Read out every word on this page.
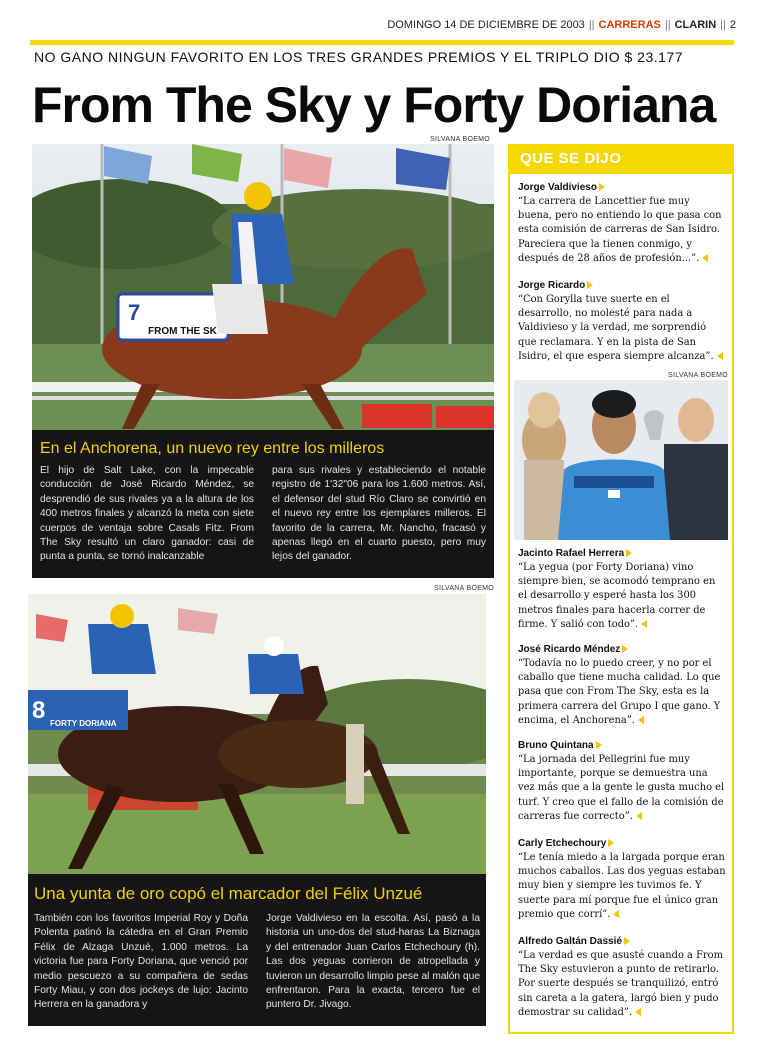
DOMINGO 14 DE DICIEMBRE DE 2003 || CARRERAS || CLARIN || 2
NO GANO NINGUN FAVORITO EN LOS TRES GRANDES PREMIOS Y EL TRIPLO DIO $ 23.177
From The Sky y Forty Doriana
SILVANA BOEMO
7
FROM THE SK
En el Anchorena, un nuevo rey entre los milleros

El hijo de Salt Lake, con la impecable conducción de José Ricardo Méndez, se desprendió de sus rivales ya a la altura de los 400 metros finales y alcanzó la meta con siete cuerpos de ventaja sobre Casals Fitz. From The Sky resultó un claro ganador: casi de punta a punta, se tornó inalcanzable

para sus rivales y estableciendo el notable registro de 1'32"06 para los 1.600 metros. Así, el defensor del stud Río Claro se convirtió en el nuevo rey entre los ejemplares milleros. El favorito de la carrera, Mr. Nancho, fracasó y apenas llegó en el cuarto puesto, pero muy lejos del ganador.

SILVANA BOEMO
8 FORTY DORIANA
Una yunta de oro copó el marcador del Félix Unzué

También con los favoritos Imperial Roy y Doña Polenta patinó la cátedra en el Gran Premio Félix de Alzaga Unzué, 1.000 metros. La victoria fue para Forty Doriana, que venció por medio pescuezo a su compañera de sedas Forty Miau, y con dos jockeys de lujo: Jacinto Herrera en la ganadora y

Jorge Valdivieso en la escolta. Así, pasó a la historia un uno-dos del stud-haras La Biznaga y del entrenador Juan Carlos Etchechoury (h). Las dos yeguas corrieron de atropellada y tuvieron un desarrollo limpio pese al malón que enfrentaron. Para la exacta, tercero fue el puntero Dr. Jivago.

QUE SE DIJO
Jorge Valdivieso
“La carrera de Lancettier fue muy buena, pero no entiendo lo que pasa con esta comisión de carreras de San Isidro. Pareciera que la tienen conmigo, y después de 28 años de profesión...”.
Jorge Ricardo
“Con Gorylla tuve suerte en el desarrollo, no molesté para nada a Valdivieso y la verdad, me sorprendió que reclamara. Y en la pista de San Isidro, el que espera siempre alcanza”.
SILVANA BOEMO
Jacinto Rafael Herrera
“La yegua (por Forty Doriana) vino siempre bien, se acomodó temprano en el desarrollo y esperé hasta los 300 metros finales para hacerla correr de firme. Y salió con todo”.
José Ricardo Méndez
“Todavía no lo puedo creer, y no por el caballo que tiene mucha calidad. Lo que pasa que con From The Sky, esta es la primera carrera del Grupo I que gano. Y encima, el Anchorena”.
Bruno Quintana
“La jornada del Pellegrini fue muy importante, porque se demuestra una vez más que a la gente le gusta mucho el turf. Y creo que el fallo de la comisión de carreras fue correcto”.
Carly Etchechoury
“Le tenía miedo a la largada porque eran muchos caballos. Las dos yeguas estaban muy bien y siempre les tuvimos fe. Y suerte para mí porque fue el único gran premio que corrí”.
Alfredo Galtán Dassié
“La verdad es que asusté cuando a From The Sky estuvieron a punto de retirarlo. Por suerte después se tranquilizó, entró sin careta a la gatera, largó bien y pudo demostrar su calidad”.
